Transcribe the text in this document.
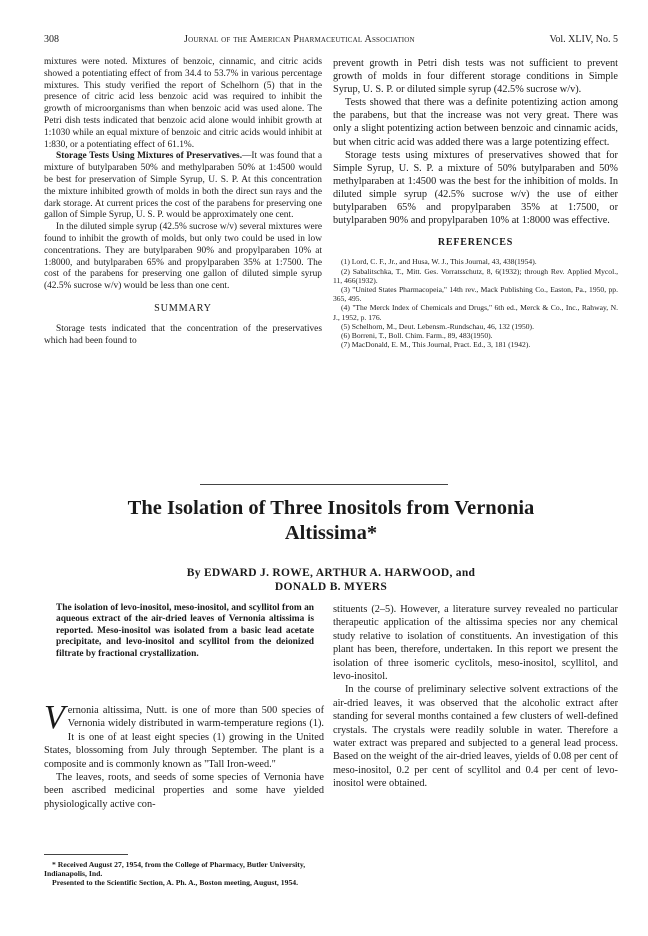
308	Journal of the American Pharmaceutical Association	Vol. XLIV, No. 5

mixtures were noted. Mixtures of benzoic, cinnamic, and citric acids showed a potentiating effect of from 34.4 to 53.7% in various percentage mixtures. This study verified the report of Schelhorn (5) that in the presence of citric acid less benzoic acid was required to inhibit the growth of microorganisms than when benzoic acid was used alone. The Petri dish tests indicated that benzoic acid alone would inhibit growth at 1:1030 while an equal mixture of benzoic and citric acids would inhibit at 1:830, or a potentiating effect of 61.1%.

Storage Tests Using Mixtures of Preservatives.—It was found that a mixture of butylparaben 50% and methylparaben 50% at 1:4500 would be best for preservation of Simple Syrup, U. S. P. At this concentration the mixture inhibited growth of molds in both the direct sun rays and the dark storage. At current prices the cost of the parabens for preserving one gallon of Simple Syrup, U. S. P. would be approximately one cent.

In the diluted simple syrup (42.5% sucrose w/v) several mixtures were found to inhibit the growth of molds, but only two could be used in low concentrations. They are butylparaben 90% and propylparaben 10% at 1:8000, and butylparaben 65% and propylparaben 35% at 1:7500. The cost of the parabens for preserving one gallon of diluted simple syrup (42.5% sucrose w/v) would be less than one cent.

SUMMARY

Storage tests indicated that the concentration of the preservatives which had been found to

prevent growth in Petri dish tests was not sufficient to prevent growth of molds in four different storage conditions in Simple Syrup, U. S. P. or diluted simple syrup (42.5% sucrose w/v).

Tests showed that there was a definite potentizing action among the parabens, but that the increase was not very great. There was only a slight potentizing action between benzoic and cinnamic acids, but when citric acid was added there was a large potentizing effect.

Storage tests using mixtures of preservatives showed that for Simple Syrup, U. S. P. a mixture of 50% butylparaben and 50% methylparaben at 1:4500 was the best for the inhibition of molds. In diluted simple syrup (42.5% sucrose w/v) the use of either butylparaben 65% and propylparaben 35% at 1:7500, or butylparaben 90% and propylparaben 10% at 1:8000 was effective.

REFERENCES

(1) Lord, C. F., Jr., and Husa, W. J., This Journal, 43, 438(1954).

(2) Sabalitschka, T., Mitt. Ges. Vorratsschutz, 8, 6(1932); through Rev. Applied Mycol., 11, 466(1932).

(3) "United States Pharmacopeia," 14th rev., Mack Publishing Co., Easton, Pa., 1950, pp. 365, 495.

(4) "The Merck Index of Chemicals and Drugs," 6th ed., Merck & Co., Inc., Rahway, N. J., 1952, p. 176.

(5) Schelhorn, M., Deut. Lebensm.-Rundschau, 46, 132 (1950).

(6) Borreni, T., Boll. Chim. Farm., 89, 483(1950).

(7) MacDonald, E. M., This Journal, Pract. Ed., 3, 181 (1942).

The Isolation of Three Inositols from Vernonia
Altissima*
By EDWARD J. ROWE, ARTHUR A. HARWOOD, and
DONALD B. MYERS
The isolation of levo-inositol, meso-inositol, and scyllitol from an aqueous extract of the air-dried leaves of Vernonia altissima is reported. Meso-inositol was isolated from a basic lead acetate precipitate, and levo-inositol and scyllitol from the deionized filtrate by fractional crystallization.

Vernonia altissima, Nutt. is one of more than 500 species of Vernonia widely distributed in warm-temperature regions (1). It is one of at least eight species (1) growing in the United States, blossoming from July through September. The plant is a composite and is commonly known as "Tall Iron-weed."

The leaves, roots, and seeds of some species of Vernonia have been ascribed medicinal properties and some have yielded physiologically active con-

* Received August 27, 1954, from the College of Pharmacy, Butler University, Indianapolis, Ind.

Presented to the Scientific Section, A. Ph. A., Boston meeting, August, 1954.

stituents (2–5). However, a literature survey revealed no particular therapeutic application of the altissima species nor any chemical study relative to isolation of constituents. An investigation of this plant has been, therefore, undertaken. In this report we present the isolation of three isomeric cyclitols, meso-inositol, scyllitol, and levo-inositol.

In the course of preliminary selective solvent extractions of the air-dried leaves, it was observed that the alcoholic extract after standing for several months contained a few clusters of well-defined crystals. The crystals were readily soluble in water. Therefore a water extract was prepared and subjected to a general lead process. Based on the weight of the air-dried leaves, yields of 0.08 per cent of meso-inositol, 0.2 per cent of scyllitol and 0.4 per cent of levo-inositol were obtained.
